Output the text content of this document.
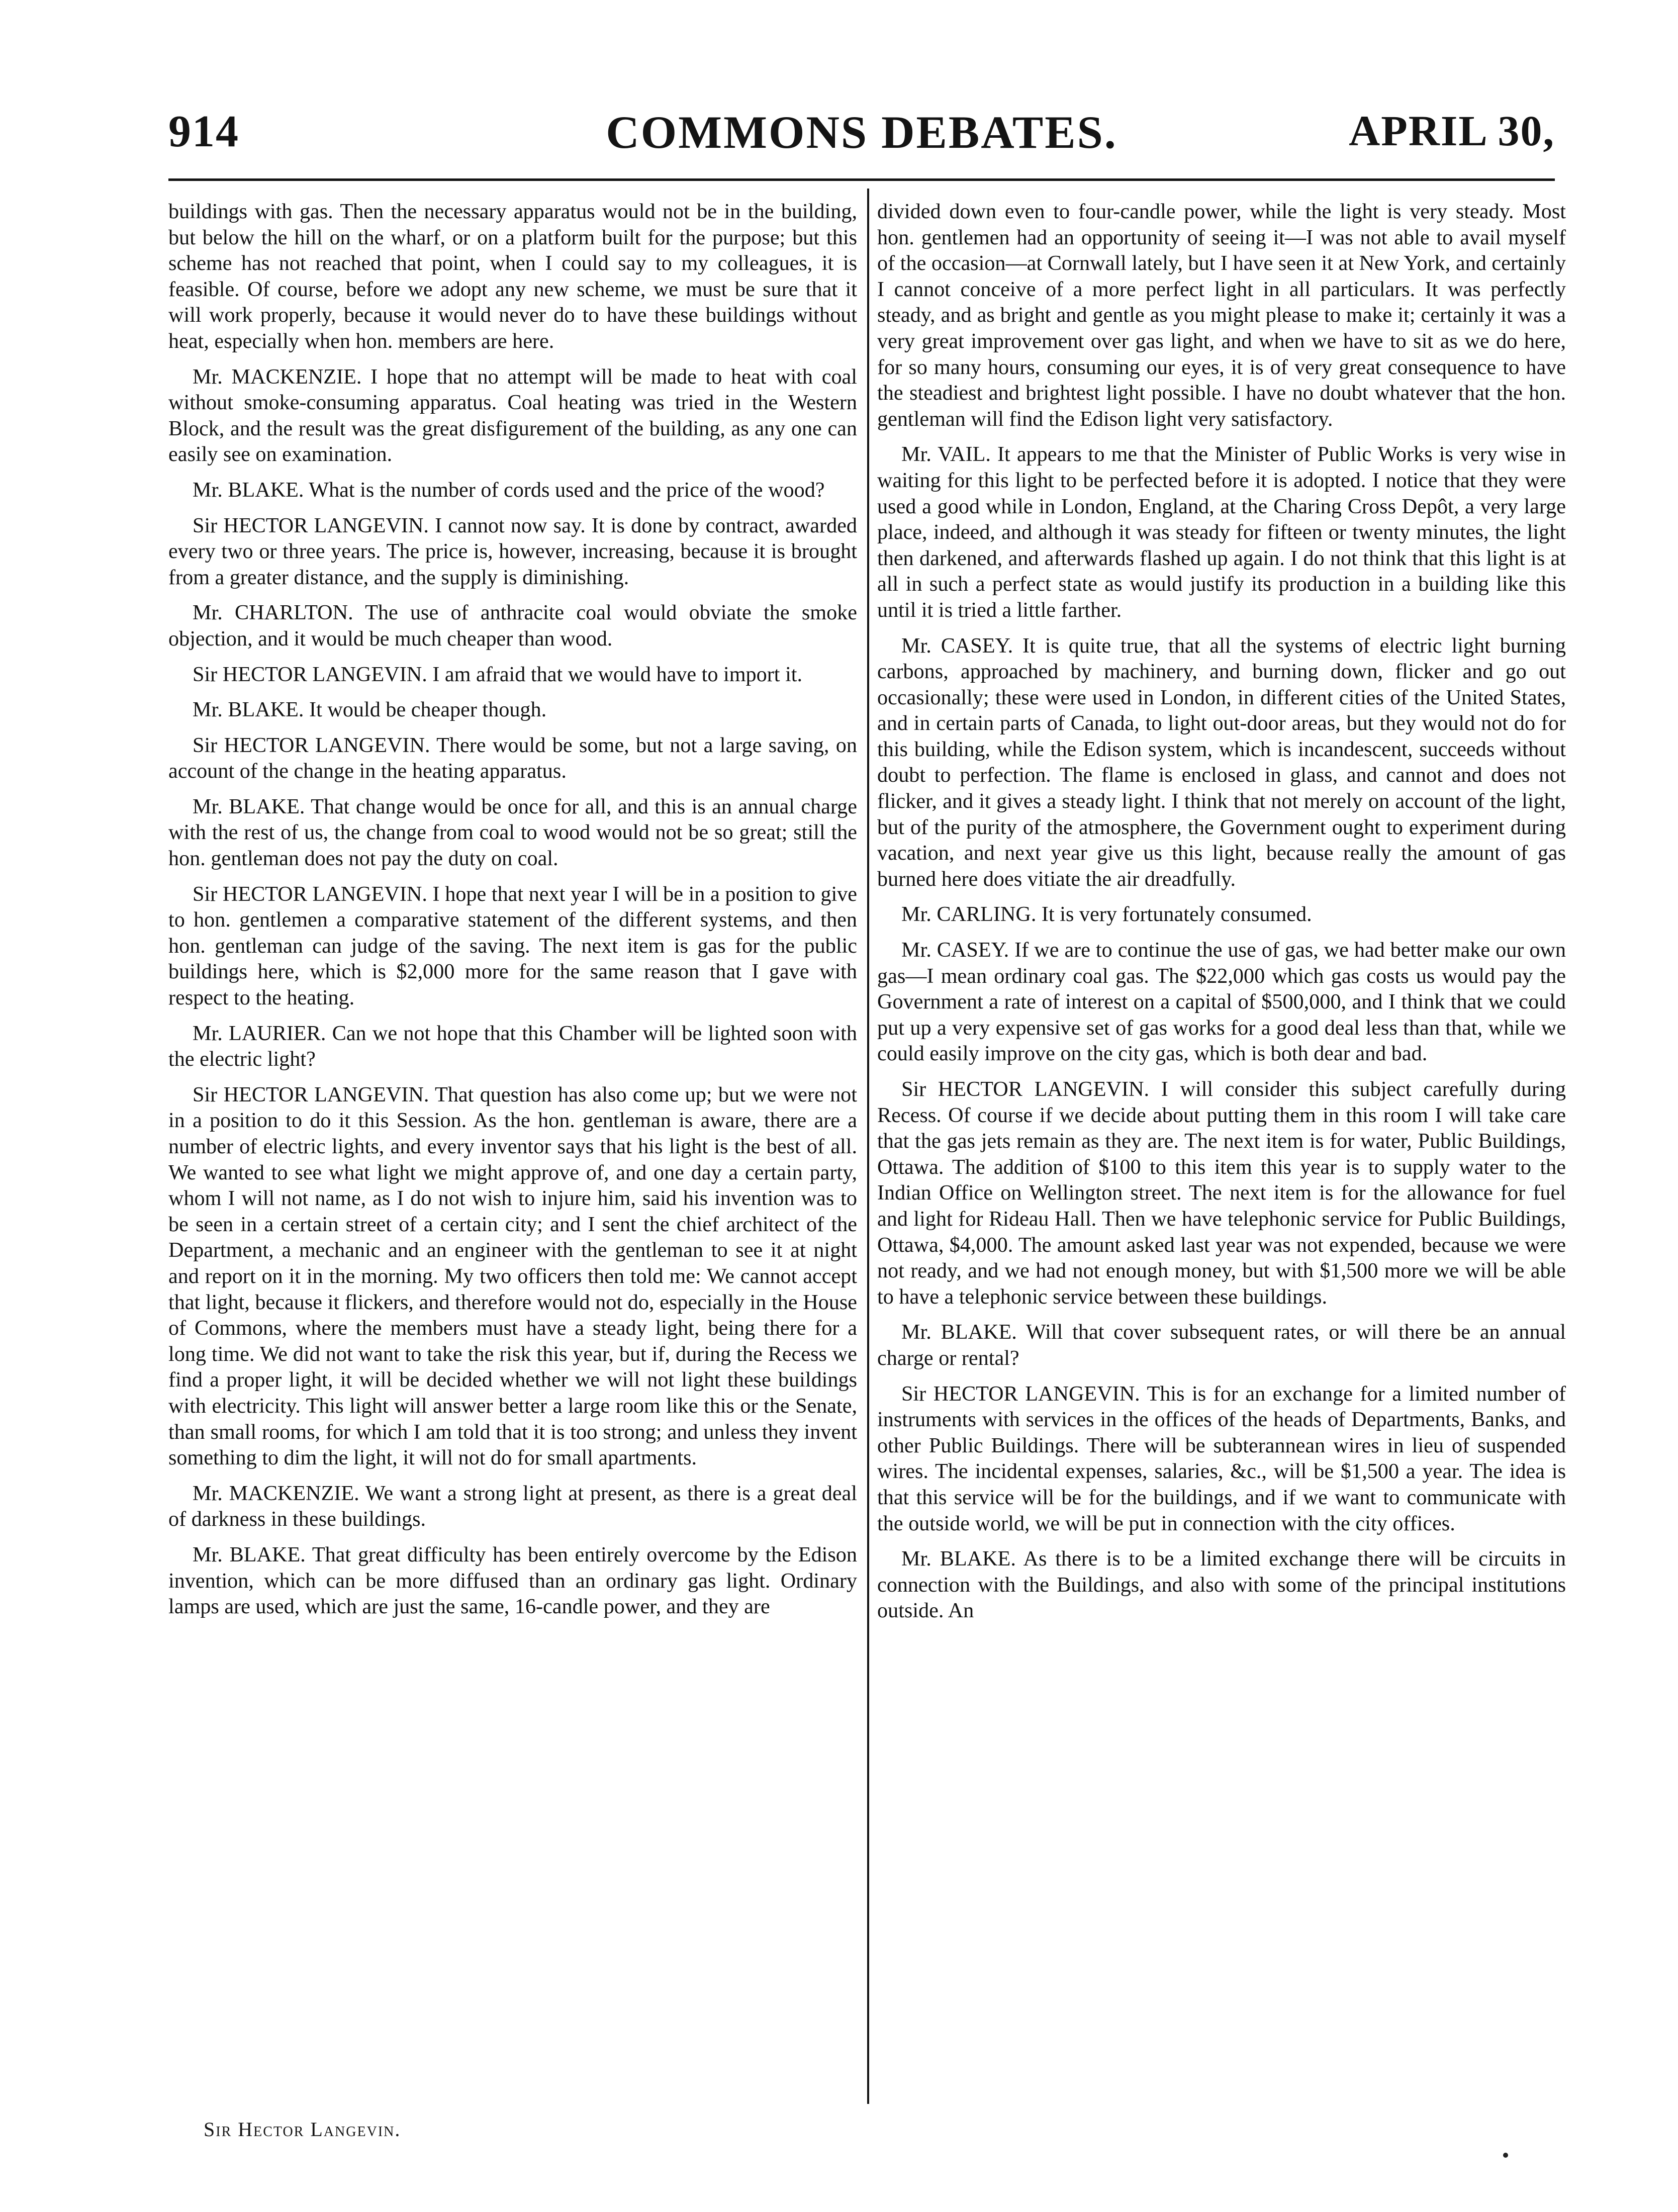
914	COMMONS DEBATES.	APRIL 30,

buildings with gas. Then the necessary apparatus would not be in the building, but below the hill on the wharf, or on a platform built for the purpose; but this scheme has not reached that point, when I could say to my colleagues, it is feasible. Of course, before we adopt any new scheme, we must be sure that it will work properly, because it would never do to have these buildings without heat, especially when hon. members are here.

Mr. MACKENZIE. I hope that no attempt will be made to heat with coal without smoke-consuming apparatus. Coal heating was tried in the Western Block, and the result was the great disfigurement of the building, as any one can easily see on examination.

Mr. BLAKE. What is the number of cords used and the price of the wood?

Sir HECTOR LANGEVIN. I cannot now say. It is done by contract, awarded every two or three years. The price is, however, increasing, because it is brought from a greater distance, and the supply is diminishing.

Mr. CHARLTON. The use of anthracite coal would obviate the smoke objection, and it would be much cheaper than wood.

Sir HECTOR LANGEVIN. I am afraid that we would have to import it.

Mr. BLAKE. It would be cheaper though.

Sir HECTOR LANGEVIN. There would be some, but not a large saving, on account of the change in the heating apparatus.

Mr. BLAKE. That change would be once for all, and this is an annual charge with the rest of us, the change from coal to wood would not be so great; still the hon. gentleman does not pay the duty on coal.

Sir HECTOR LANGEVIN. I hope that next year I will be in a position to give to hon. gentlemen a comparative statement of the different systems, and then hon. gentleman can judge of the saving. The next item is gas for the public buildings here, which is $2,000 more for the same reason that I gave with respect to the heating.

Mr. LAURIER. Can we not hope that this Chamber will be lighted soon with the electric light?

Sir HECTOR LANGEVIN. That question has also come up; but we were not in a position to do it this Session. As the hon. gentleman is aware, there are a number of electric lights, and every inventor says that his light is the best of all. We wanted to see what light we might approve of, and one day a certain party, whom I will not name, as I do not wish to injure him, said his invention was to be seen in a certain street of a certain city; and I sent the chief architect of the Department, a mechanic and an engineer with the gentleman to see it at night and report on it in the morning. My two officers then told me: We cannot accept that light, because it flickers, and therefore would not do, especially in the House of Commons, where the members must have a steady light, being there for a long time. We did not want to take the risk this year, but if, during the Recess we find a proper light, it will be decided whether we will not light these buildings with electricity. This light will answer better a large room like this or the Senate, than small rooms, for which I am told that it is too strong; and unless they invent something to dim the light, it will not do for small apartments.

Mr. MACKENZIE. We want a strong light at present, as there is a great deal of darkness in these buildings.

Mr. BLAKE. That great difficulty has been entirely overcome by the Edison invention, which can be more diffused than an ordinary gas light. Ordinary lamps are used, which are just the same, 16-candle power, and they are

divided down even to four-candle power, while the light is very steady. Most hon. gentlemen had an opportunity of seeing it—I was not able to avail myself of the occasion—at Cornwall lately, but I have seen it at New York, and certainly I cannot conceive of a more perfect light in all particulars. It was perfectly steady, and as bright and gentle as you might please to make it; certainly it was a very great improvement over gas light, and when we have to sit as we do here, for so many hours, consuming our eyes, it is of very great consequence to have the steadiest and brightest light possible. I have no doubt whatever that the hon. gentleman will find the Edison light very satisfactory.

Mr. VAIL. It appears to me that the Minister of Public Works is very wise in waiting for this light to be perfected before it is adopted. I notice that they were used a good while in London, England, at the Charing Cross Depôt, a very large place, indeed, and although it was steady for fifteen or twenty minutes, the light then darkened, and afterwards flashed up again. I do not think that this light is at all in such a perfect state as would justify its production in a building like this until it is tried a little farther.

Mr. CASEY. It is quite true, that all the systems of electric light burning carbons, approached by machinery, and burning down, flicker and go out occasionally; these were used in London, in different cities of the United States, and in certain parts of Canada, to light out-door areas, but they would not do for this building, while the Edison system, which is incandescent, succeeds without doubt to perfection. The flame is enclosed in glass, and cannot and does not flicker, and it gives a steady light. I think that not merely on account of the light, but of the purity of the atmosphere, the Government ought to experiment during vacation, and next year give us this light, because really the amount of gas burned here does vitiate the air dreadfully.

Mr. CARLING. It is very fortunately consumed.

Mr. CASEY. If we are to continue the use of gas, we had better make our own gas—I mean ordinary coal gas. The $22,000 which gas costs us would pay the Government a rate of interest on a capital of $500,000, and I think that we could put up a very expensive set of gas works for a good deal less than that, while we could easily improve on the city gas, which is both dear and bad.

Sir HECTOR LANGEVIN. I will consider this subject carefully during Recess. Of course if we decide about putting them in this room I will take care that the gas jets remain as they are. The next item is for water, Public Buildings, Ottawa. The addition of $100 to this item this year is to supply water to the Indian Office on Wellington street. The next item is for the allowance for fuel and light for Rideau Hall. Then we have telephonic service for Public Buildings, Ottawa, $4,000. The amount asked last year was not expended, because we were not ready, and we had not enough money, but with $1,500 more we will be able to have a telephonic service between these buildings.

Mr. BLAKE. Will that cover subsequent rates, or will there be an annual charge or rental?

Sir HECTOR LANGEVIN. This is for an exchange for a limited number of instruments with services in the offices of the heads of Departments, Banks, and other Public Buildings. There will be subterannean wires in lieu of suspended wires. The incidental expenses, salaries, &c., will be $1,500 a year. The idea is that this service will be for the buildings, and if we want to communicate with the outside world, we will be put in connection with the city offices.

Mr. BLAKE. As there is to be a limited exchange there will be circuits in connection with the Buildings, and also with some of the principal institutions outside. An

Sir Hector Langevin.
